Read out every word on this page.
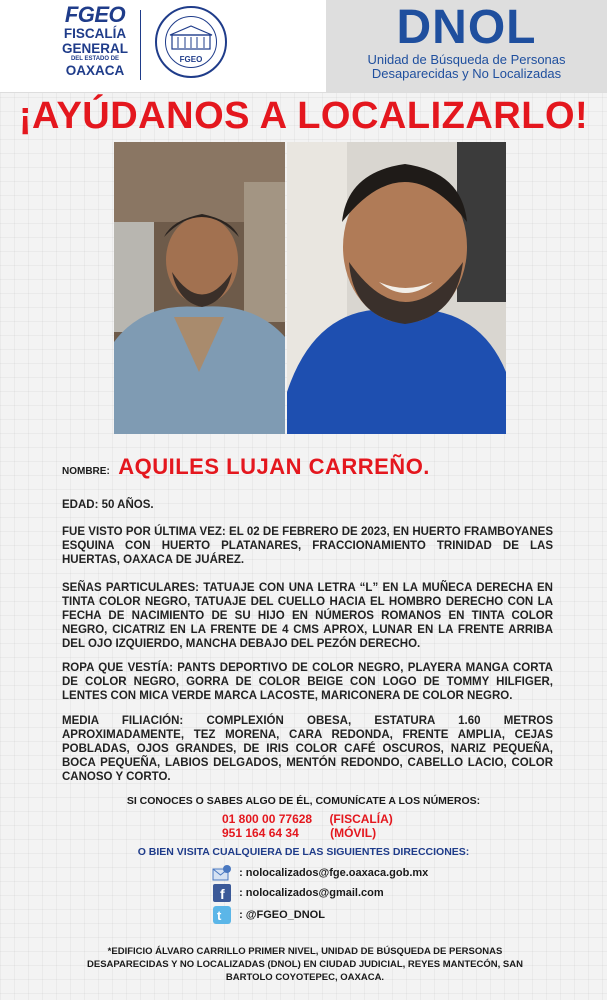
FGEO
FISCALÍA
GENERAL
DEL ESTADO DE
OAXACA
FGEO
DNOL
Unidad de Búsqueda de Personas
Desaparecidas y No Localizadas
¡AYÚDANOS A LOCALIZARLO!
NOMBRE: AQUILES LUJAN CARREÑO.
EDAD: 50 AÑOS.
FUE VISTO POR ÚLTIMA VEZ: EL 02 DE FEBRERO DE 2023, EN HUERTO FRAMBOYANES ESQUINA CON HUERTO PLATANARES, FRACCIONAMIENTO TRINIDAD DE LAS HUERTAS, OAXACA DE JUÁREZ.
SEÑAS PARTICULARES: TATUAJE CON UNA LETRA “L” EN LA MUÑECA DERECHA EN TINTA COLOR NEGRO, TATUAJE DEL CUELLO HACIA EL HOMBRO DERECHO CON LA FECHA DE NACIMIENTO DE SU HIJO EN NÚMEROS ROMANOS EN TINTA COLOR NEGRO, CICATRIZ EN LA FRENTE DE 4 CMS APROX, LUNAR EN LA FRENTE ARRIBA DEL OJO IZQUIERDO, MANCHA DEBAJO DEL PEZÓN DERECHO.
ROPA QUE VESTÍA: PANTS DEPORTIVO DE COLOR NEGRO, PLAYERA MANGA CORTA DE COLOR NEGRO, GORRA DE COLOR BEIGE CON LOGO DE TOMMY HILFIGER, LENTES CON MICA VERDE MARCA LACOSTE, MARICONERA DE COLOR NEGRO.
MEDIA FILIACIÓN: COMPLEXIÓN OBESA, ESTATURA 1.60 METROS APROXIMADAMENTE, TEZ MORENA, CARA REDONDA, FRENTE AMPLIA, CEJAS POBLADAS, OJOS GRANDES, DE IRIS COLOR CAFÉ OSCUROS, NARIZ PEQUEÑA, BOCA PEQUEÑA, LABIOS DELGADOS, MENTÓN REDONDO, CABELLO LACIO, COLOR CANOSO Y CORTO.
SI CONOCES O SABES ALGO DE ÉL, COMUNÍCATE A LOS NÚMEROS:
01 800 00 77628 (FISCALÍA)
951 164 64 34	(MÓVIL)
O BIEN VISITA CUALQUIERA DE LAS SIGUIENTES DIRECCIONES:
: nolocalizados@fge.oaxaca.gob.mx
f : nolocalizados@gmail.com
t : @FGEO_DNOL
*EDIFICIO ÁLVARO CARRILLO PRIMER NIVEL, UNIDAD DE BÚSQUEDA DE PERSONAS DESAPARECIDAS Y NO LOCALIZADAS (DNOL) EN CIUDAD JUDICIAL, REYES MANTECÓN, SAN BARTOLO COYOTEPEC, OAXACA.
